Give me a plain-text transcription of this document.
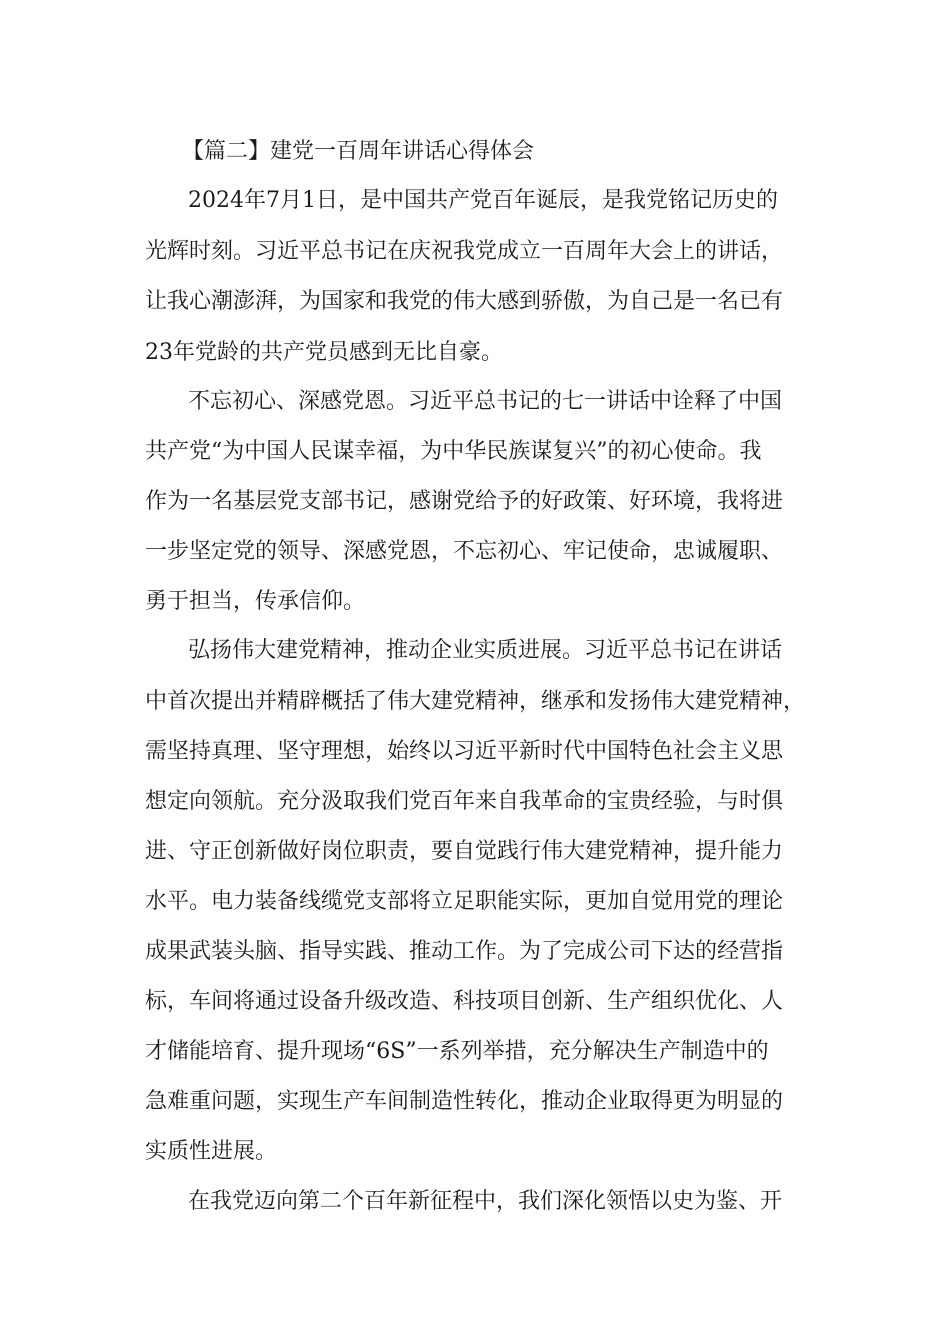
【篇二】建党一百周年讲话心得体会
2024年7月1日，是中国共产党百年诞辰，是我党铭记历史的
光辉时刻。习近平总书记在庆祝我党成立一百周年大会上的讲话，
让我心潮澎湃，为国家和我党的伟大感到骄傲，为自己是一名已有
23年党龄的共产党员感到无比自豪。
不忘初心、深感党恩。习近平总书记的七一讲话中诠释了中国
共产党“为中国人民谋幸福，为中华民族谋复兴”的初心使命。我
作为一名基层党支部书记，感谢党给予的好政策、好环境，我将进
一步坚定党的领导、深感党恩，不忘初心、牢记使命，忠诚履职、
勇于担当，传承信仰。
弘扬伟大建党精神，推动企业实质进展。习近平总书记在讲话
中首次提出并精辟概括了伟大建党精神，继承和发扬伟大建党精神，
需坚持真理、坚守理想，始终以习近平新时代中国特色社会主义思
想定向领航。充分汲取我们党百年来自我革命的宝贵经验，与时俱
进、守正创新做好岗位职责，要自觉践行伟大建党精神，提升能力
水平。电力装备线缆党支部将立足职能实际，更加自觉用党的理论
成果武装头脑、指导实践、推动工作。为了完成公司下达的经营指
标，车间将通过设备升级改造、科技项目创新、生产组织优化、人
才储能培育、提升现场“6S”一系列举措，充分解决生产制造中的
急难重问题，实现生产车间制造性转化，推动企业取得更为明显的
实质性进展。
在我党迈向第二个百年新征程中，我们深化领悟以史为鉴、开
